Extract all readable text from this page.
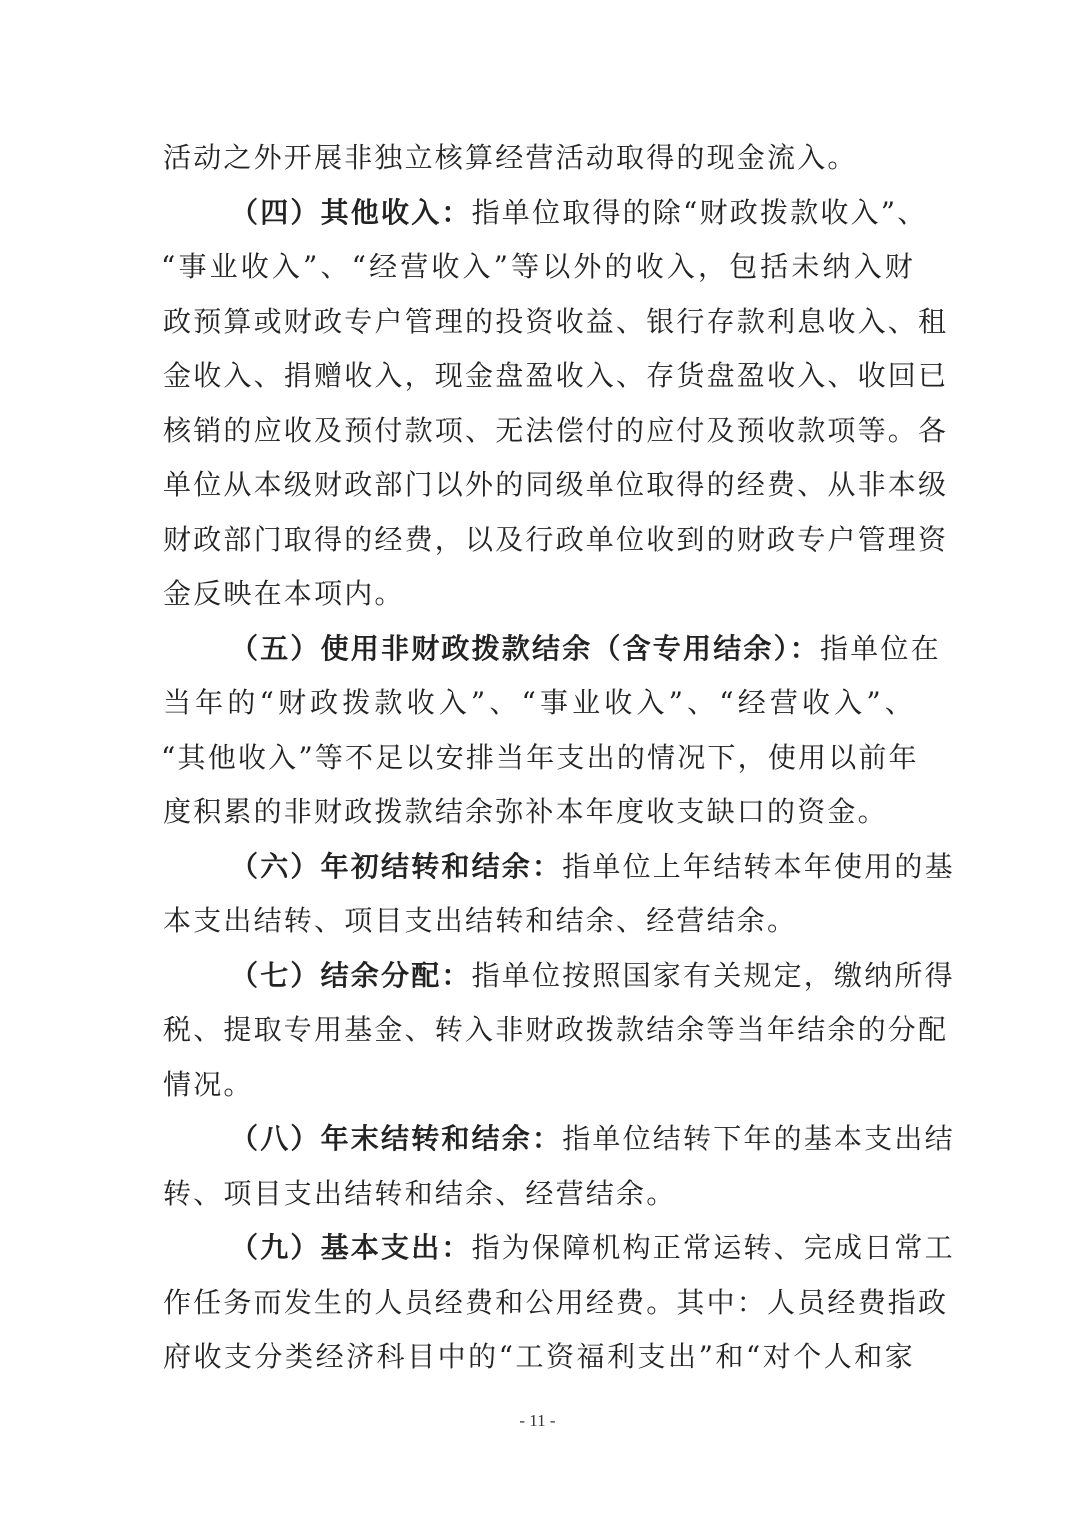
活动之外开展非独立核算经营活动取得的现金流入。
（四）其他收入：指单位取得的除“财政拨款收入”、
“事业收入”、“经营收入”等以外的收入，包括未纳入财
政预算或财政专户管理的投资收益、银行存款利息收入、租
金收入、捐赠收入，现金盘盈收入、存货盘盈收入、收回已
核销的应收及预付款项、无法偿付的应付及预收款项等。各
单位从本级财政部门以外的同级单位取得的经费、从非本级
财政部门取得的经费，以及行政单位收到的财政专户管理资
金反映在本项内。
（五）使用非财政拨款结余（含专用结余）：指单位在
当年的“财政拨款收入”、“事业收入”、“经营收入”、
“其他收入”等不足以安排当年支出的情况下，使用以前年
度积累的非财政拨款结余弥补本年度收支缺口的资金。
（六）年初结转和结余：指单位上年结转本年使用的基
本支出结转、项目支出结转和结余、经营结余。
（七）结余分配：指单位按照国家有关规定，缴纳所得
税、提取专用基金、转入非财政拨款结余等当年结余的分配
情况。
（八）年末结转和结余：指单位结转下年的基本支出结
转、项目支出结转和结余、经营结余。
（九）基本支出：指为保障机构正常运转、完成日常工
作任务而发生的人员经费和公用经费。其中：人员经费指政
府收支分类经济科目中的“工资福利支出”和“对个人和家
- 11 -
